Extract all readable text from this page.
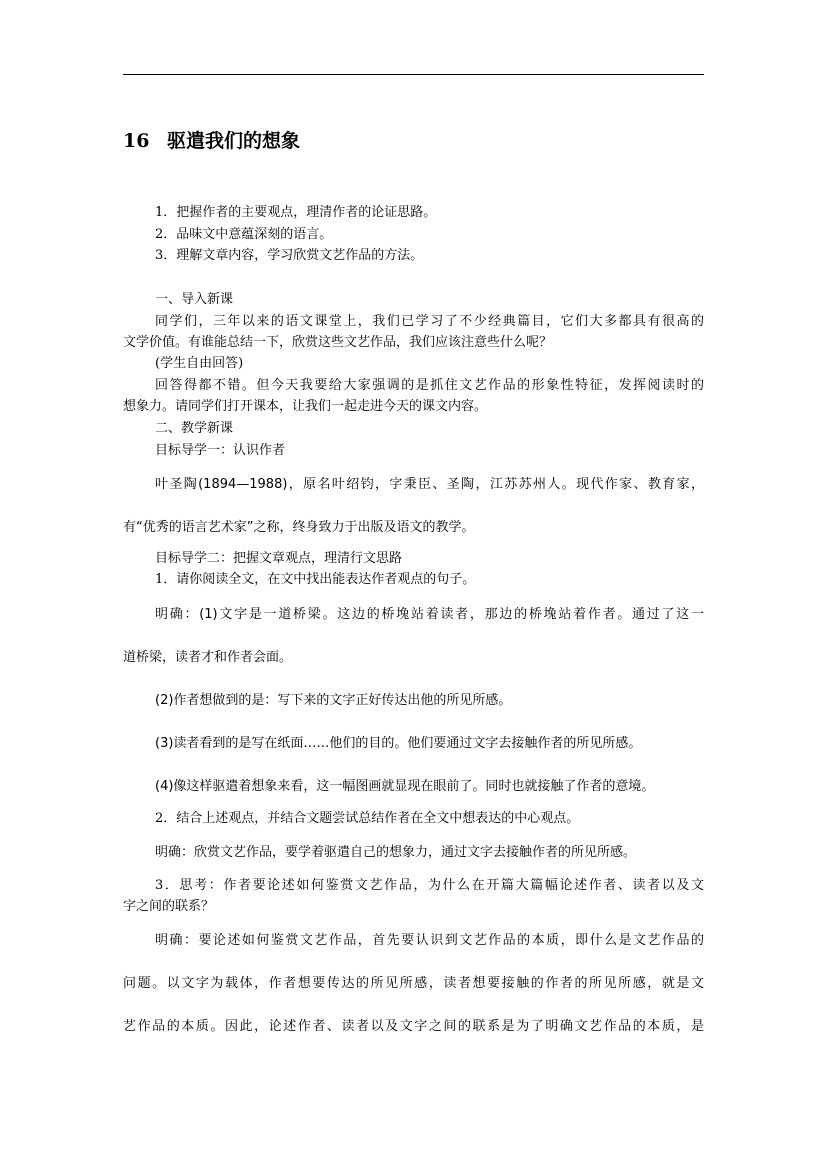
16 驱遣我们的想象
1．把握作者的主要观点，理清作者的论证思路。
2．品味文中意蕴深刻的语言。
3．理解文章内容，学习欣赏文艺作品的方法。
一、导入新课
同学们，三年以来的语文课堂上，我们已学习了不少经典篇目，它们大多都具有很高的
文学价值。有谁能总结一下，欣赏这些文艺作品，我们应该注意些什么呢？
(学生自由回答)
回答得都不错。但今天我要给大家强调的是抓住文艺作品的形象性特征，发挥阅读时的
想象力。请同学们打开课本，让我们一起走进今天的课文内容。
二、教学新课
目标导学一：认识作者
叶圣陶(1894—1988)，原名叶绍钧，字秉臣、圣陶，江苏苏州人。现代作家、教育家，
有“优秀的语言艺术家”之称，终身致力于出版及语文的教学。
目标导学二：把握文章观点，理清行文思路
1．请你阅读全文，在文中找出能表达作者观点的句子。
明确：(1)文字是一道桥梁。这边的桥堍站着读者，那边的桥堍站着作者。通过了这一
道桥梁，读者才和作者会面。
(2)作者想做到的是：写下来的文字正好传达出他的所见所感。
(3)读者看到的是写在纸面……他们的目的。他们要通过文字去接触作者的所见所感。
(4)像这样驱遣着想象来看，这一幅图画就显现在眼前了。同时也就接触了作者的意境。
2．结合上述观点，并结合文题尝试总结作者在全文中想表达的中心观点。
明确：欣赏文艺作品，要学着驱遣自己的想象力，通过文字去接触作者的所见所感。
3．思考：作者要论述如何鉴赏文艺作品，为什么在开篇大篇幅论述作者、读者以及文
字之间的联系？
明确：要论述如何鉴赏文艺作品，首先要认识到文艺作品的本质，即什么是文艺作品的
问题。以文字为载体，作者想要传达的所见所感，读者想要接触的作者的所见所感，就是文
艺作品的本质。因此，论述作者、读者以及文字之间的联系是为了明确文艺作品的本质，是
